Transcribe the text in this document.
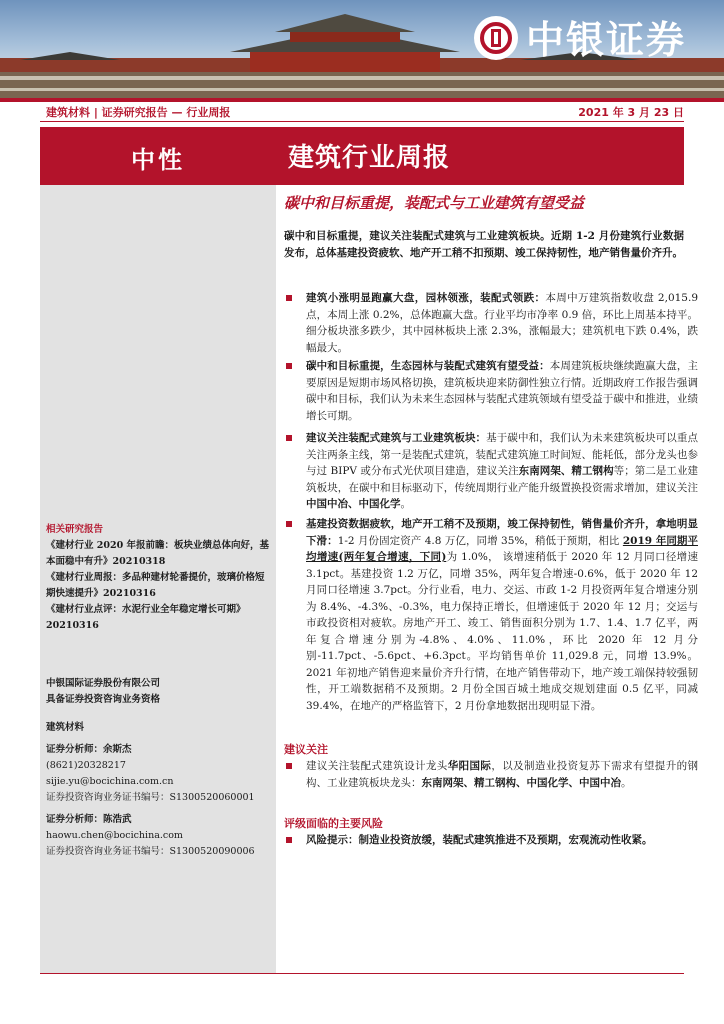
中银证券
建筑材料 | 证券研究报告 — 行业周报	2021 年 3 月 23 日
中性	建筑行业周报
碳中和目标重提，装配式与工业建筑有望受益

碳中和目标重提，建议关注装配式建筑与工业建筑板块。近期 1-2 月份建筑行业数据发布，总体基建投资疲软、地产开工稍不扣预期、竣工保持韧性，地产销售量价齐升。

建筑小涨明显跑赢大盘，园林领涨，装配式领跌：本周中万建筑指数收盘 2,015.9 点，本周上涨 0.2%，总体跑赢大盘。行业平均市净率 0.9 倍，环比上周基本持平。细分板块涨多跌少，其中园林板块上涨 2.3%，涨幅最大；建筑机电下跌 0.4%，跌幅最大。

碳中和目标重提，生态园林与装配式建筑有望受益：本周建筑板块继续跑赢大盘，主要原因是短期市场风格切换，建筑板块迎来防御性独立行情。近期政府工作报告强调碳中和目标，我们认为未来生态园林与装配式建筑领域有望受益于碳中和推进，业绩增长可期。

建议关注装配式建筑与工业建筑板块：基于碳中和，我们认为未来建筑板块可以重点关注两条主线，第一是装配式建筑，装配式建筑施工时间短、能耗低，部分龙头也参与过 BIPV 或分布式光伏项目建造，建议关注东南网架、精工钢构等；第二是工业建筑板块，在碳中和目标驱动下，传统周期行业产能升级置换投资需求增加，建议关注中国中冶、中国化学。

基建投资数据疲软，地产开工稍不及预期，竣工保持韧性，销售量价齐升，拿地明显下滑：1-2 月份固定资产 4.8 万亿，同增 35%，稍低于预期，相比 2019 年同期平均增速(两年复合增速，下同)为 1.0%， 该增速稍低于 2020 年 12 月同口径增速 3.1pct。基建投资 1.2 万亿，同增 35%，两年复合增速-0.6%，低于 2020 年 12 月同口径增速 3.7pct。分行业看，电力、交运、市政 1-2 月投资两年复合增速分别为 8.4%、-4.3%、-0.3%，电力保持正增长，但增速低于 2020 年 12 月；交运与市政投资相对疲软。房地产开工、竣工、销售面积分别为 1.7、1.4、1.7 亿平，两年复合增速分别为-4.8%、4.0%、11.0%，环比 2020 年 12 月分别-11.7pct、-5.6pct、+6.3pct。平均销售单价 11,029.8 元，同增 13.9%。2021 年初地产销售迎来量价齐升行情，在地产销售带动下，地产竣工端保持较强韧性，开工端数据稍不及预期。2 月份全国百城土地成交规划建面 0.5 亿平，同减 39.4%，在地产的严格监管下，2 月份拿地数据出现明显下滑。

建议关注

建议关注装配式建筑设计龙头华阳国际，以及制造业投资复苏下需求有望提升的钢构、工业建筑板块龙头：东南网架、精工钢构、中国化学、中国中冶。

评级面临的主要风险

风险提示：制造业投资放缓，装配式建筑推进不及预期，宏观流动性收紧。

相关研究报告

《建材行业 2020 年报前瞻：板块业绩总体向好，基本面稳中有升》20210318

《建材行业周报：多品种建材轮番提价，玻璃价格短期快速提升》20210316

《建材行业点评：水泥行业全年稳定增长可期》20210316

中银国际证券股份有限公司

具备证券投资咨询业务资格

建筑材料

证券分析师：余斯杰

(8621)20328217

sijie.yu@bocichina.com.cn

证券投资咨询业务证书编号：S1300520060001

证券分析师：陈浩武

haowu.chen@bocichina.com

证券投资咨询业务证书编号：S1300520090006
